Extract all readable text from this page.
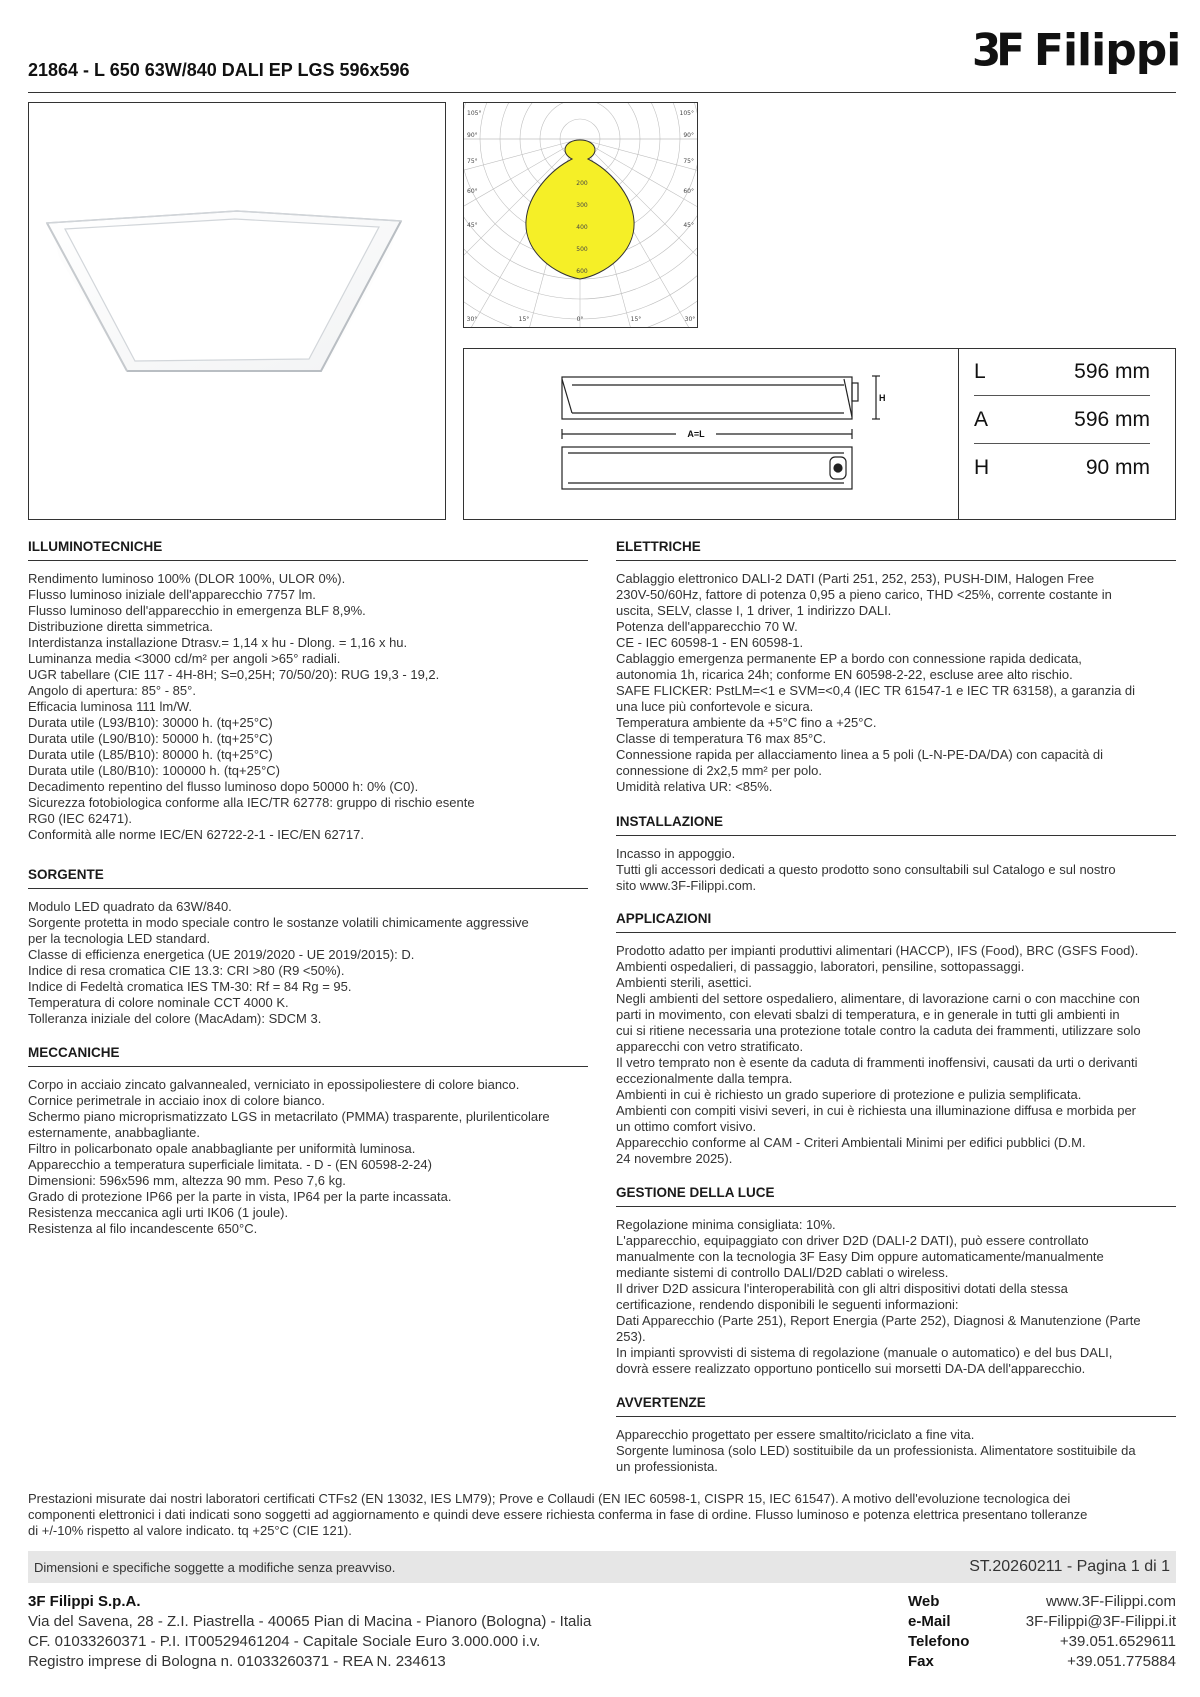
3F Filippi
21864 - L 650 63W/840 DALI EP LGS 596x596
105°	105°
90°	90°
75°	75°
60°	60°
45°	45°
200
300
400
500
600
30°	15°	0°	15°	30°
H
A=L
L	596 mm
A	596 mm
H	90 mm
ILLUMINOTECNICHE
Rendimento luminoso 100% (DLOR 100%, ULOR 0%).
Flusso luminoso iniziale dell'apparecchio 7757 lm.
Flusso luminoso dell'apparecchio in emergenza BLF 8,9%.
Distribuzione diretta simmetrica.
Interdistanza installazione Dtrasv.= 1,14 x hu - Dlong. = 1,16 x hu.
Luminanza media <3000 cd/m² per angoli >65° radiali.
UGR tabellare (CIE 117 - 4H-8H; S=0,25H; 70/50/20): RUG 19,3 - 19,2.
Angolo di apertura: 85° - 85°.
Efficacia luminosa 111 lm/W.
Durata utile (L93/B10): 30000 h. (tq+25°C)
Durata utile (L90/B10): 50000 h. (tq+25°C)
Durata utile (L85/B10): 80000 h. (tq+25°C)
Durata utile (L80/B10): 100000 h. (tq+25°C)
Decadimento repentino del flusso luminoso dopo 50000 h: 0% (C0).
Sicurezza fotobiologica conforme alla IEC/TR 62778: gruppo di rischio esente
RG0 (IEC 62471).
Conformità alle norme IEC/EN 62722-2-1 - IEC/EN 62717.
SORGENTE
Modulo LED quadrato da 63W/840.
Sorgente protetta in modo speciale contro le sostanze volatili chimicamente aggressive
per la tecnologia LED standard.
Classe di efficienza energetica (UE 2019/2020 - UE 2019/2015): D.
Indice di resa cromatica CIE 13.3: CRI >80 (R9 <50%).
Indice di Fedeltà cromatica IES TM-30: Rf = 84 Rg = 95.
Temperatura di colore nominale CCT 4000 K.
Tolleranza iniziale del colore (MacAdam): SDCM 3.
MECCANICHE
Corpo in acciaio zincato galvannealed, verniciato in epossipoliestere di colore bianco.
Cornice perimetrale in acciaio inox di colore bianco.
Schermo piano microprismatizzato LGS in metacrilato (PMMA) trasparente, plurilenticolare
esternamente, anabbagliante.
Filtro in policarbonato opale anabbagliante per uniformità luminosa.
Apparecchio a temperatura superficiale limitata. - D - (EN 60598-2-24)
Dimensioni: 596x596 mm, altezza 90 mm. Peso 7,6 kg.
Grado di protezione IP66 per la parte in vista, IP64 per la parte incassata.
Resistenza meccanica agli urti IK06 (1 joule).
Resistenza al filo incandescente 650°C.
ELETTRICHE
Cablaggio elettronico DALI-2 DATI (Parti 251, 252, 253), PUSH-DIM, Halogen Free
230V-50/60Hz, fattore di potenza 0,95 a pieno carico, THD <25%, corrente costante in
uscita, SELV, classe I, 1 driver, 1 indirizzo DALI.
Potenza dell'apparecchio 70 W.
CE - IEC 60598-1 - EN 60598-1.
Cablaggio emergenza permanente EP a bordo con connessione rapida dedicata,
autonomia 1h, ricarica 24h; conforme EN 60598-2-22, escluse aree alto rischio.
SAFE FLICKER: PstLM=<1 e SVM=<0,4 (IEC TR 61547-1 e IEC TR 63158), a garanzia di
una luce più confortevole e sicura.
Temperatura ambiente da +5°C fino a +25°C.
Classe di temperatura T6 max 85°C.
Connessione rapida per allacciamento linea a 5 poli (L-N-PE-DA/DA) con capacità di
connessione di 2x2,5 mm² per polo.
Umidità relativa UR: <85%.
INSTALLAZIONE
Incasso in appoggio.
Tutti gli accessori dedicati a questo prodotto sono consultabili sul Catalogo e sul nostro
sito www.3F-Filippi.com.
APPLICAZIONI
Prodotto adatto per impianti produttivi alimentari (HACCP), IFS (Food), BRC (GSFS Food).
Ambienti ospedalieri, di passaggio, laboratori, pensiline, sottopassaggi.
Ambienti sterili, asettici.
Negli ambienti del settore ospedaliero, alimentare, di lavorazione carni o con macchine con
parti in movimento, con elevati sbalzi di temperatura, e in generale in tutti gli ambienti in
cui si ritiene necessaria una protezione totale contro la caduta dei frammenti, utilizzare solo
apparecchi con vetro stratificato.
Il vetro temprato non è esente da caduta di frammenti inoffensivi, causati da urti o derivanti
eccezionalmente dalla tempra.
Ambienti in cui è richiesto un grado superiore di protezione e pulizia semplificata.
Ambienti con compiti visivi severi, in cui è richiesta una illuminazione diffusa e morbida per
un ottimo comfort visivo.
Apparecchio conforme al CAM - Criteri Ambientali Minimi per edifici pubblici (D.M.
24 novembre 2025).
GESTIONE DELLA LUCE
Regolazione minima consigliata: 10%.
L'apparecchio, equipaggiato con driver D2D (DALI-2 DATI), può essere controllato
manualmente con la tecnologia 3F Easy Dim oppure automaticamente/manualmente
mediante sistemi di controllo DALI/D2D cablati o wireless.
Il driver D2D assicura l'interoperabilità con gli altri dispositivi dotati della stessa
certificazione, rendendo disponibili le seguenti informazioni:
Dati Apparecchio (Parte 251), Report Energia (Parte 252), Diagnosi & Manutenzione (Parte
253).
In impianti sprovvisti di sistema di regolazione (manuale o automatico) e del bus DALI,
dovrà essere realizzato opportuno ponticello sui morsetti DA-DA dell'apparecchio.
AVVERTENZE
Apparecchio progettato per essere smaltito/riciclato a fine vita.
Sorgente luminosa (solo LED) sostituibile da un professionista. Alimentatore sostituibile da
un professionista.
Prestazioni misurate dai nostri laboratori certificati CTFs2 (EN 13032, IES LM79); Prove e Collaudi (EN IEC 60598-1, CISPR 15, IEC 61547). A motivo dell'evoluzione tecnologica dei
componenti elettronici i dati indicati sono soggetti ad aggiornamento e quindi deve essere richiesta conferma in fase di ordine. Flusso luminoso e potenza elettrica presentano tolleranze
di +/-10% rispetto al valore indicato. tq +25°C (CIE 121).
Dimensioni e specifiche soggette a modifiche senza preavviso.	ST.20260211 - Pagina 1 di 1
3F Filippi S.p.A.
Via del Savena, 28 - Z.I. Piastrella - 40065 Pian di Macina - Pianoro (Bologna) - Italia
CF. 01033260371 - P.I. IT00529461204 - Capitale Sociale Euro 3.000.000 i.v.
Registro imprese di Bologna n. 01033260371 - REA N. 234613
Web	www.3F-Filippi.com
e-Mail	3F-Filippi@3F-Filippi.it
Telefono	+39.051.6529611
Fax	+39.051.775884
